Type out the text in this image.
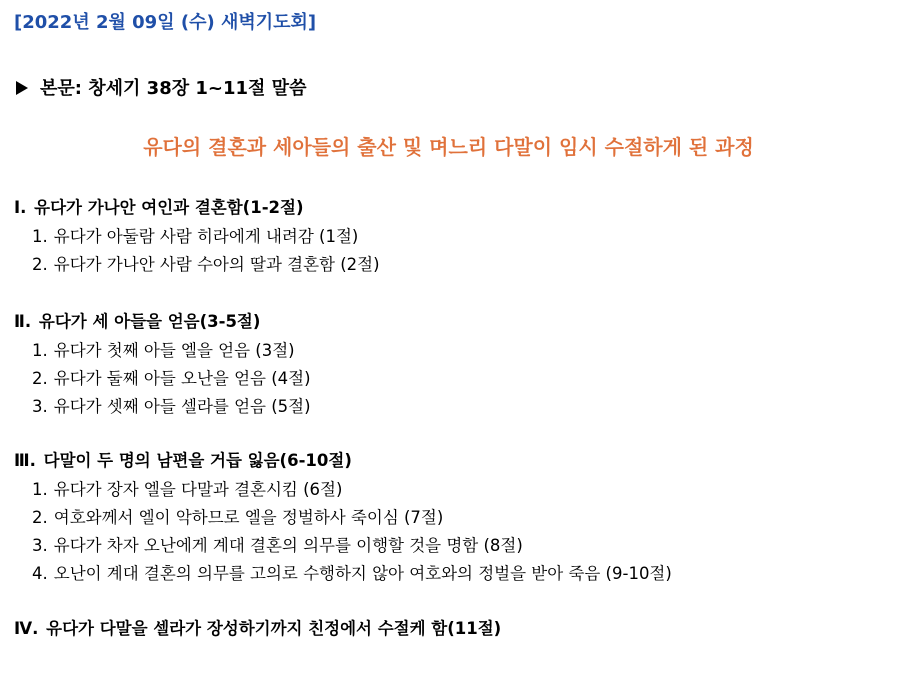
[2022년 2월 09일 (수) 새벽기도회]
본문: 창세기 38장 1~11절 말씀
유다의 결혼과 세아들의 출산 및 며느리 다말이 임시 수절하게 된 과정
Ⅰ. 유다가 가나안 여인과 결혼함(1-2절)
1. 유다가 아둘람 사람 히라에게 내려감 (1절)
2. 유다가 가나안 사람 수아의 딸과 결혼함 (2절)
Ⅱ. 유다가 세 아들을 얻음(3-5절)
1. 유다가 첫째 아들 엘을 얻음 (3절)
2. 유다가 둘째 아들 오난을 얻음 (4절)
3. 유다가 셋째 아들 셀라를 얻음 (5절)
Ⅲ. 다말이 두 명의 남편을 거듭 잃음(6-10절)
1. 유다가 장자 엘을 다말과 결혼시킴 (6절)
2. 여호와께서 엘이 악하므로 엘을 정벌하사 죽이심 (7절)
3. 유다가 차자 오난에게 계대 결혼의 의무를 이행할 것을 명함 (8절)
4. 오난이 계대 결혼의 의무를 고의로 수행하지 않아 여호와의 정벌을 받아 죽음 (9-10절)
Ⅳ. 유다가 다말을 셀라가 장성하기까지 친정에서 수절케 함(11절)
